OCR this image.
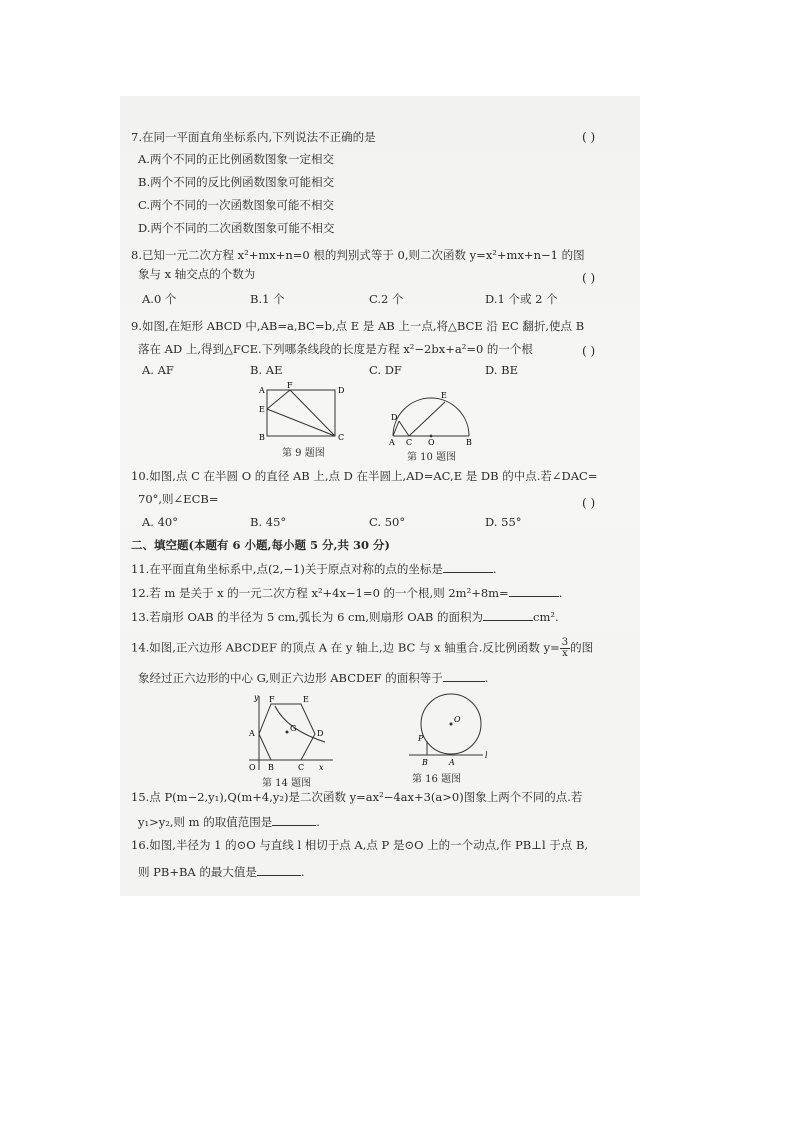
7.在同一平面直角坐标系内,下列说法不正确的是	( )
A.两个不同的正比例函数图象一定相交
B.两个不同的反比例函数图象可能相交
C.两个不同的一次函数图象可能不相交
D.两个不同的二次函数图象可能不相交
8.已知一元二次方程 x²+mx+n=0 根的判别式等于 0,则二次函数 y=x²+mx+n−1 的图
象与 x 轴交点的个数为	( )
A.0 个	B.1 个	C.2 个	D.1 个或 2 个
9.如图,在矩形 ABCD 中,AB=a,BC=b,点 E 是 AB 上一点,将△BCE 沿 EC 翻折,使点 B
落在 AD 上,得到△FCE.下列哪条线段的长度是方程 x²−2bx+a²=0 的一个根	( )
A. AF	B. AE	C. DF	D. BE
A
F
D
E
B	C
第 9 题图
D
E
A C O	B
第 10 题图
10.如图,点 C 在半圆 O 的直径 AB 上,点 D 在半圆上,AD=AC,E 是 DB 的中点.若∠DAC=
70°,则∠ECB=	( )
A. 40°	B. 45°	C. 50°	D. 55°
二、填空题(本题有 6 小题,每小题 5 分,共 30 分)
11.在平面直角坐标系中,点(2,−1)关于原点对称的点的坐标是	.
12.若 m 是关于 x 的一元二次方程 x²+4x−1=0 的一个根,则 2m²+8m=	.
13.若扇形 OAB 的半径为 5 cm,弧长为 6 cm,则扇形 OAB 的面积为	cm².
14.如图,正六边形 ABCDEF 的顶点 A 在 y 轴上,边 BC 与 x 轴重合.反比例函数 $y= \frac{3}{x}$ 的图
象经过正六边形的中心 G,则正六边形 ABCDEF 的面积等于	.
y F	E
A
G
D
O B	C x
第 14 题图
O
P
B	A
l
第 16 题图
15.点 P(m−2,y₁),Q(m+4,y₂)是二次函数 y=ax²−4ax+3(a>0)图象上两个不同的点.若
y₁>y₂,则 m 的取值范围是	.
16.如图,半径为 1 的⊙O 与直线 l 相切于点 A,点 P 是⊙O 上的一个动点,作 PB⊥l 于点 B,
则 PB+BA 的最大值是	.
